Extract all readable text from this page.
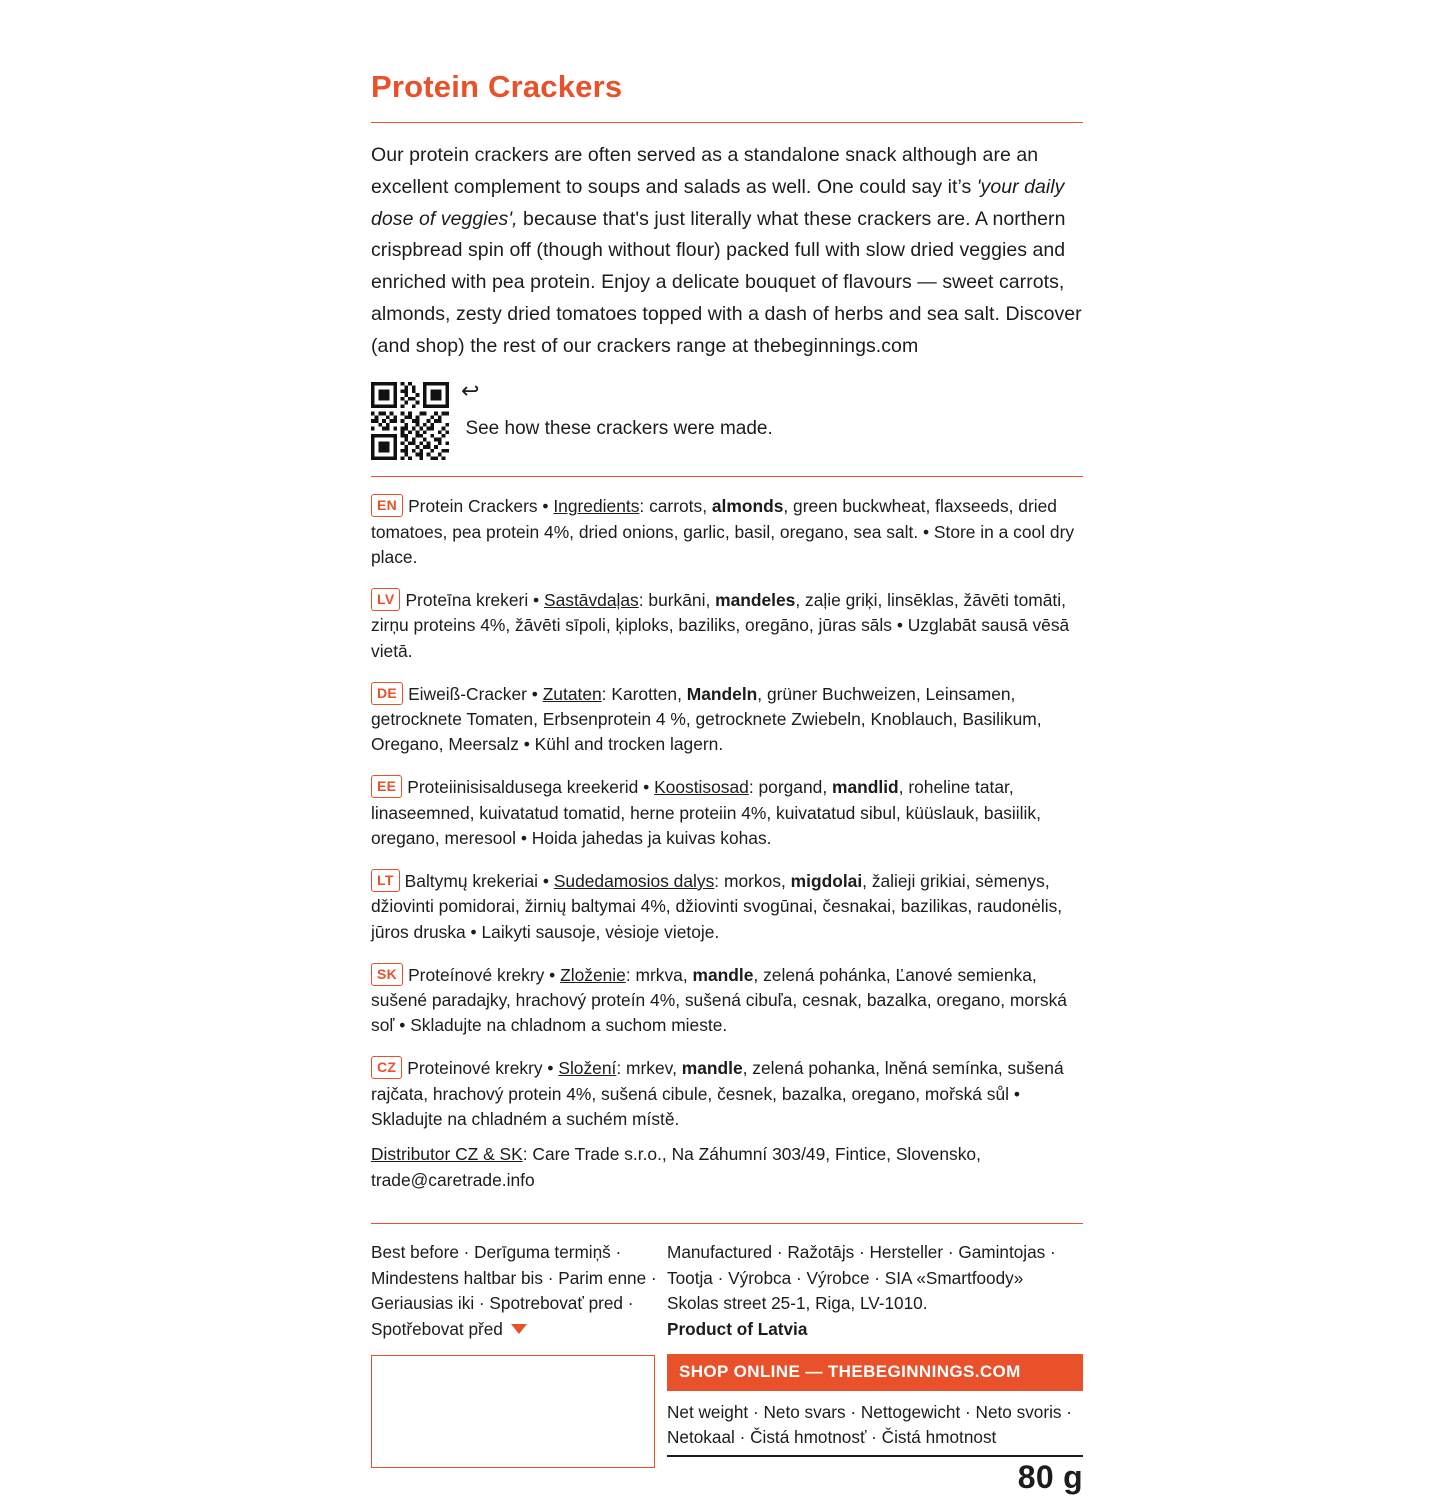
Protein Crackers

Our protein crackers are often served as a standalone snack although are an excellent complement to soups and salads as well. One could say it’s 'your daily dose of veggies', because that's just literally what these crackers are. A northern crispbread spin off (though without flour) packed full with slow dried veggies and enriched with pea protein. Enjoy a delicate bouquet of flavours — sweet carrots, almonds, zesty dried tomatoes topped with a dash of herbs and sea salt. Discover (and shop) the rest of our crackers range at thebeginnings.com

↩
See how these crackers were made.

EN Protein Crackers • Ingredients: carrots, almonds, green buckwheat, flaxseeds, dried tomatoes, pea protein 4%, dried onions, garlic, basil, oregano, sea salt. • Store in a cool dry place.

LV Proteīna krekeri • Sastāvdaļas: burkāni, mandeles, zaļie griķi, linsēklas, žāvēti tomāti, zirņu proteins 4%, žāvēti sīpoli, ķiploks, baziliks, oregāno, jūras sāls • Uzglabāt sausā vēsā vietā.

DE Eiweiß-Cracker • Zutaten: Karotten, Mandeln, grüner Buchweizen, Leinsamen, getrocknete Tomaten, Erbsenprotein 4 %, getrocknete Zwiebeln, Knoblauch, Basilikum, Oregano, Meersalz • Kühl and trocken lagern.

EE Proteiinisisaldusega kreekerid • Koostisosad: porgand, mandlid, roheline tatar, linaseemned, kuivatatud tomatid, herne proteiin 4%, kuivatatud sibul, küüslauk, basiilik, oregano, meresool • Hoida jahedas ja kuivas kohas.

LT Baltymų krekeriai • Sudedamosios dalys: morkos, migdolai, žalieji grikiai, sėmenys, džiovinti pomidorai, žirnių baltymai 4%, džiovinti svogūnai, česnakai, bazilikas, raudonėlis, jūros druska • Laikyti sausoje, vėsioje vietoje.

SK Proteínové krekry • Zloženie: mrkva, mandle, zelená pohánka, Ľanové semienka, sušené paradajky, hrachový proteín 4%, sušená cibuľa, cesnak, bazalka, oregano, morská soľ • Skladujte na chladnom a suchom mieste.

CZ Proteinové krekry • Složení: mrkev, mandle, zelená pohanka, lněná semínka, sušená rajčata, hrachový protein 4%, sušená cibule, česnek, bazalka, oregano, mořská sůl • Skladujte na chladném a suchém místě.

Distributor CZ & SK: Care Trade s.r.o., Na Záhumní 303/49, Fintice, Slovensko, trade@caretrade.info

Best before · Derīguma termiņš · Mindestens haltbar bis · Parim enne · Geriausias iki · Spotrebovať pred · Spotřebovat před
Manufactured · Ražotājs · Hersteller · Gamintojas · Tootja · Výrobca · Výrobce · SIA «Smartfoody»
Skolas street 25-1, Riga, LV-1010.
Product of Latvia
SHOP ONLINE — THEBEGINNINGS.COM
Net weight · Neto svars · Nettogewicht · Neto svoris · Netokaal · Čistá hmotnosť · Čistá hmotnost
80 g
